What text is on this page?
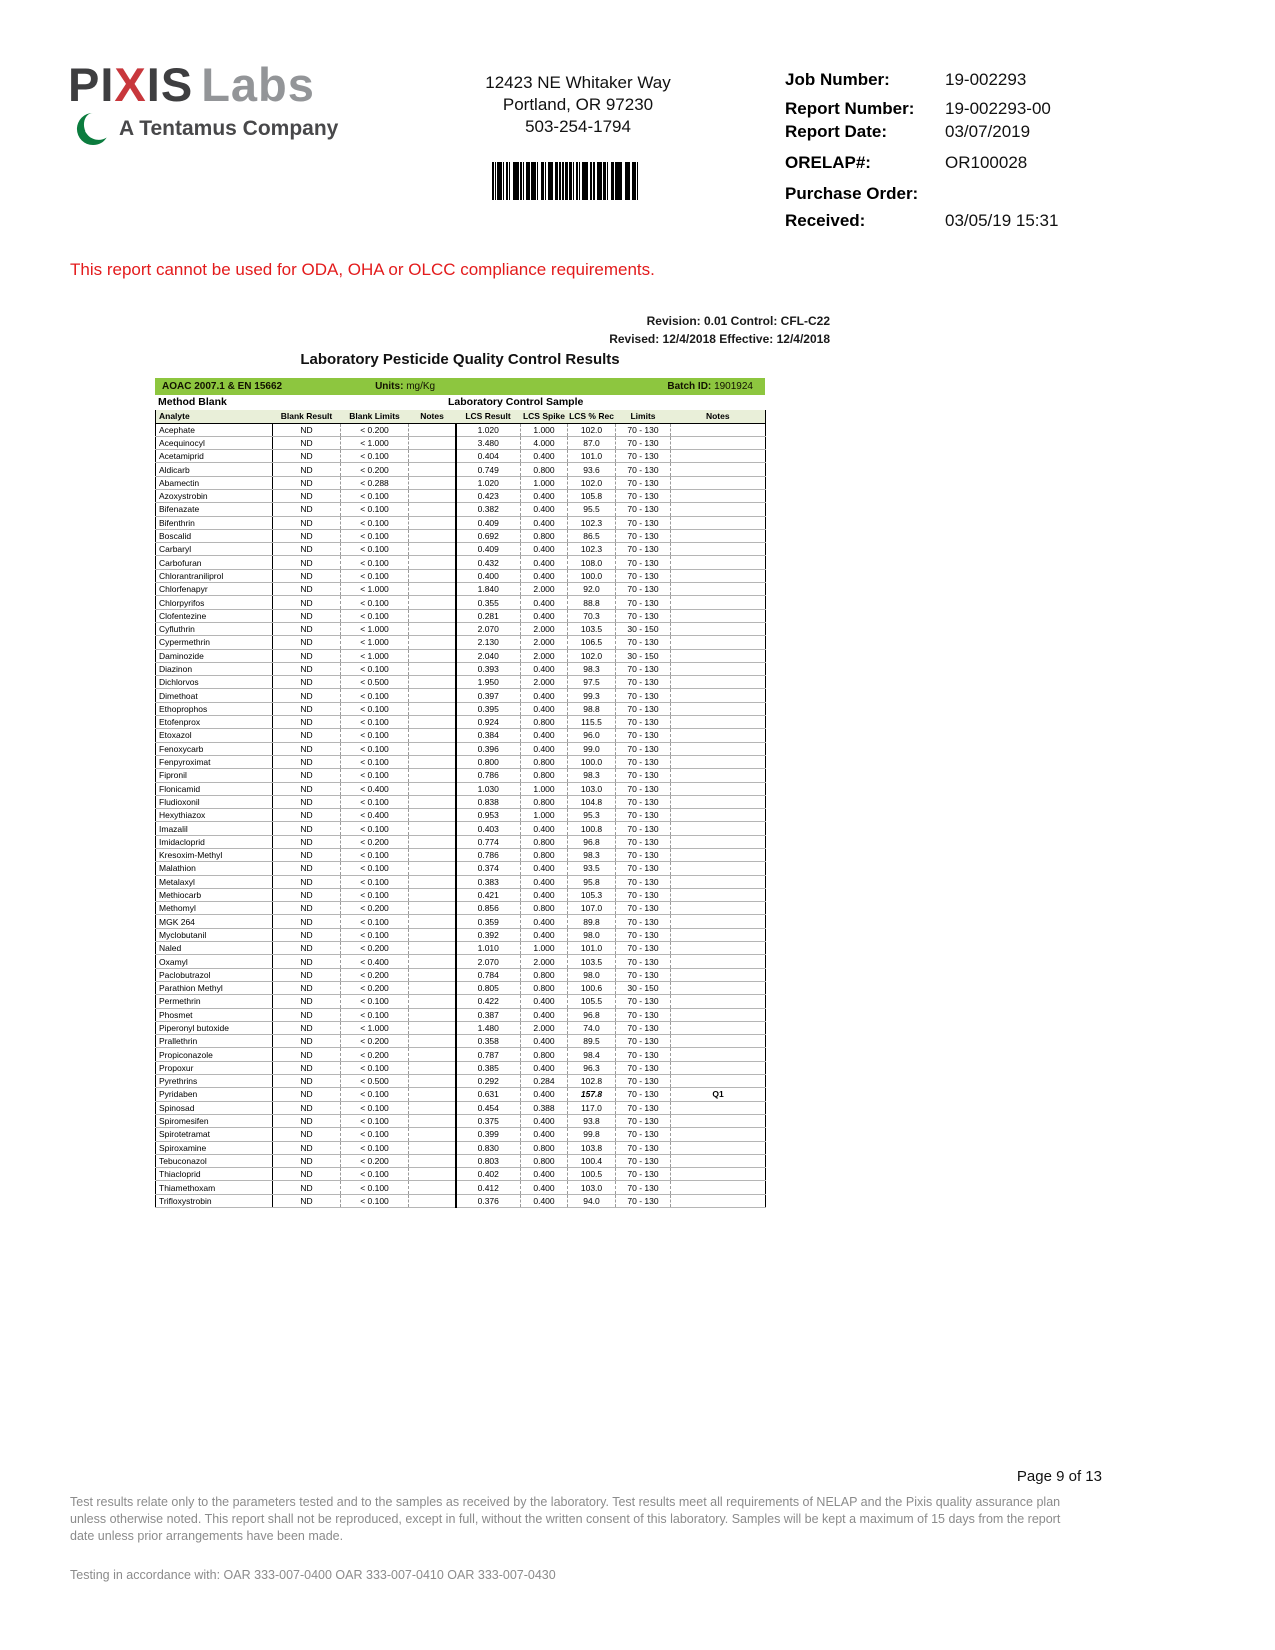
PIXIS Labs
A Tentamus Company
12423 NE Whitaker Way
Portland, OR 97230
503-254-1794
Job Number:	19-002293
Report Number:	19-002293-00
Report Date:	03/07/2019
ORELAP#:	OR100028
Purchase Order:
Received:	03/05/19 15:31
This report cannot be used for ODA, OHA or OLCC compliance requirements.
Revision: 0.01 Control: CFL-C22
Revised: 12/4/2018 Effective: 12/4/2018
Laboratory Pesticide Quality Control Results
AOAC 2007.1 & EN 15662	Units: mg/Kg	Batch ID: 1901924
Method Blank	Laboratory Control Sample
Analyte	Blank Result	Blank Limits	Notes	LCS Result	LCS Spike	LCS % Rec	Limits	Notes
Acephate	ND	< 0.200		1.020	1.000	102.0	70 - 130	
Acequinocyl	ND	< 1.000		3.480	4.000	87.0	70 - 130	
Acetamiprid	ND	< 0.100		0.404	0.400	101.0	70 - 130	
Aldicarb	ND	< 0.200		0.749	0.800	93.6	70 - 130	
Abamectin	ND	< 0.288		1.020	1.000	102.0	70 - 130	
Azoxystrobin	ND	< 0.100		0.423	0.400	105.8	70 - 130	
Bifenazate	ND	< 0.100		0.382	0.400	95.5	70 - 130	
Bifenthrin	ND	< 0.100		0.409	0.400	102.3	70 - 130	
Boscalid	ND	< 0.100		0.692	0.800	86.5	70 - 130	
Carbaryl	ND	< 0.100		0.409	0.400	102.3	70 - 130	
Carbofuran	ND	< 0.100		0.432	0.400	108.0	70 - 130	
Chlorantraniliprol	ND	< 0.100		0.400	0.400	100.0	70 - 130	
Chlorfenapyr	ND	< 1.000		1.840	2.000	92.0	70 - 130	
Chlorpyrifos	ND	< 0.100		0.355	0.400	88.8	70 - 130	
Clofentezine	ND	< 0.100		0.281	0.400	70.3	70 - 130	
Cyfluthrin	ND	< 1.000		2.070	2.000	103.5	30 - 150	
Cypermethrin	ND	< 1.000		2.130	2.000	106.5	70 - 130	
Daminozide	ND	< 1.000		2.040	2.000	102.0	30 - 150	
Diazinon	ND	< 0.100		0.393	0.400	98.3	70 - 130	
Dichlorvos	ND	< 0.500		1.950	2.000	97.5	70 - 130	
Dimethoat	ND	< 0.100		0.397	0.400	99.3	70 - 130	
Ethoprophos	ND	< 0.100		0.395	0.400	98.8	70 - 130	
Etofenprox	ND	< 0.100		0.924	0.800	115.5	70 - 130	
Etoxazol	ND	< 0.100		0.384	0.400	96.0	70 - 130	
Fenoxycarb	ND	< 0.100		0.396	0.400	99.0	70 - 130	
Fenpyroximat	ND	< 0.100		0.800	0.800	100.0	70 - 130	
Fipronil	ND	< 0.100		0.786	0.800	98.3	70 - 130	
Flonicamid	ND	< 0.400		1.030	1.000	103.0	70 - 130	
Fludioxonil	ND	< 0.100		0.838	0.800	104.8	70 - 130	
Hexythiazox	ND	< 0.400		0.953	1.000	95.3	70 - 130	
Imazalil	ND	< 0.100		0.403	0.400	100.8	70 - 130	
Imidacloprid	ND	< 0.200		0.774	0.800	96.8	70 - 130	
Kresoxim-Methyl	ND	< 0.100		0.786	0.800	98.3	70 - 130	
Malathion	ND	< 0.100		0.374	0.400	93.5	70 - 130	
Metalaxyl	ND	< 0.100		0.383	0.400	95.8	70 - 130	
Methiocarb	ND	< 0.100		0.421	0.400	105.3	70 - 130	
Methomyl	ND	< 0.200		0.856	0.800	107.0	70 - 130	
MGK 264	ND	< 0.100		0.359	0.400	89.8	70 - 130	
Myclobutanil	ND	< 0.100		0.392	0.400	98.0	70 - 130	
Naled	ND	< 0.200		1.010	1.000	101.0	70 - 130	
Oxamyl	ND	< 0.400		2.070	2.000	103.5	70 - 130	
Paclobutrazol	ND	< 0.200		0.784	0.800	98.0	70 - 130	
Parathion Methyl	ND	< 0.200		0.805	0.800	100.6	30 - 150	
Permethrin	ND	< 0.100		0.422	0.400	105.5	70 - 130	
Phosmet	ND	< 0.100		0.387	0.400	96.8	70 - 130	
Piperonyl butoxide	ND	< 1.000		1.480	2.000	74.0	70 - 130	
Prallethrin	ND	< 0.200		0.358	0.400	89.5	70 - 130	
Propiconazole	ND	< 0.200		0.787	0.800	98.4	70 - 130	
Propoxur	ND	< 0.100		0.385	0.400	96.3	70 - 130	
Pyrethrins	ND	< 0.500		0.292	0.284	102.8	70 - 130	
Pyridaben	ND	< 0.100		0.631	0.400	157.8	70 - 130	Q1
Spinosad	ND	< 0.100		0.454	0.388	117.0	70 - 130	
Spiromesifen	ND	< 0.100		0.375	0.400	93.8	70 - 130	
Spirotetramat	ND	< 0.100		0.399	0.400	99.8	70 - 130	
Spiroxamine	ND	< 0.100		0.830	0.800	103.8	70 - 130	
Tebuconazol	ND	< 0.200		0.803	0.800	100.4	70 - 130	
Thiacloprid	ND	< 0.100		0.402	0.400	100.5	70 - 130	
Thiamethoxam	ND	< 0.100		0.412	0.400	103.0	70 - 130	
Trifloxystrobin	ND	< 0.100		0.376	0.400	94.0	70 - 130	
Page 9 of 13
Test results relate only to the parameters tested and to the samples as received by the laboratory. Test results meet all requirements of NELAP and the Pixis quality assurance plan unless otherwise noted. This report shall not be reproduced, except in full, without the written consent of this laboratory. Samples will be kept a maximum of 15 days from the report date unless prior arrangements have been made.
Testing in accordance with: OAR 333-007-0400 OAR 333-007-0410 OAR 333-007-0430
